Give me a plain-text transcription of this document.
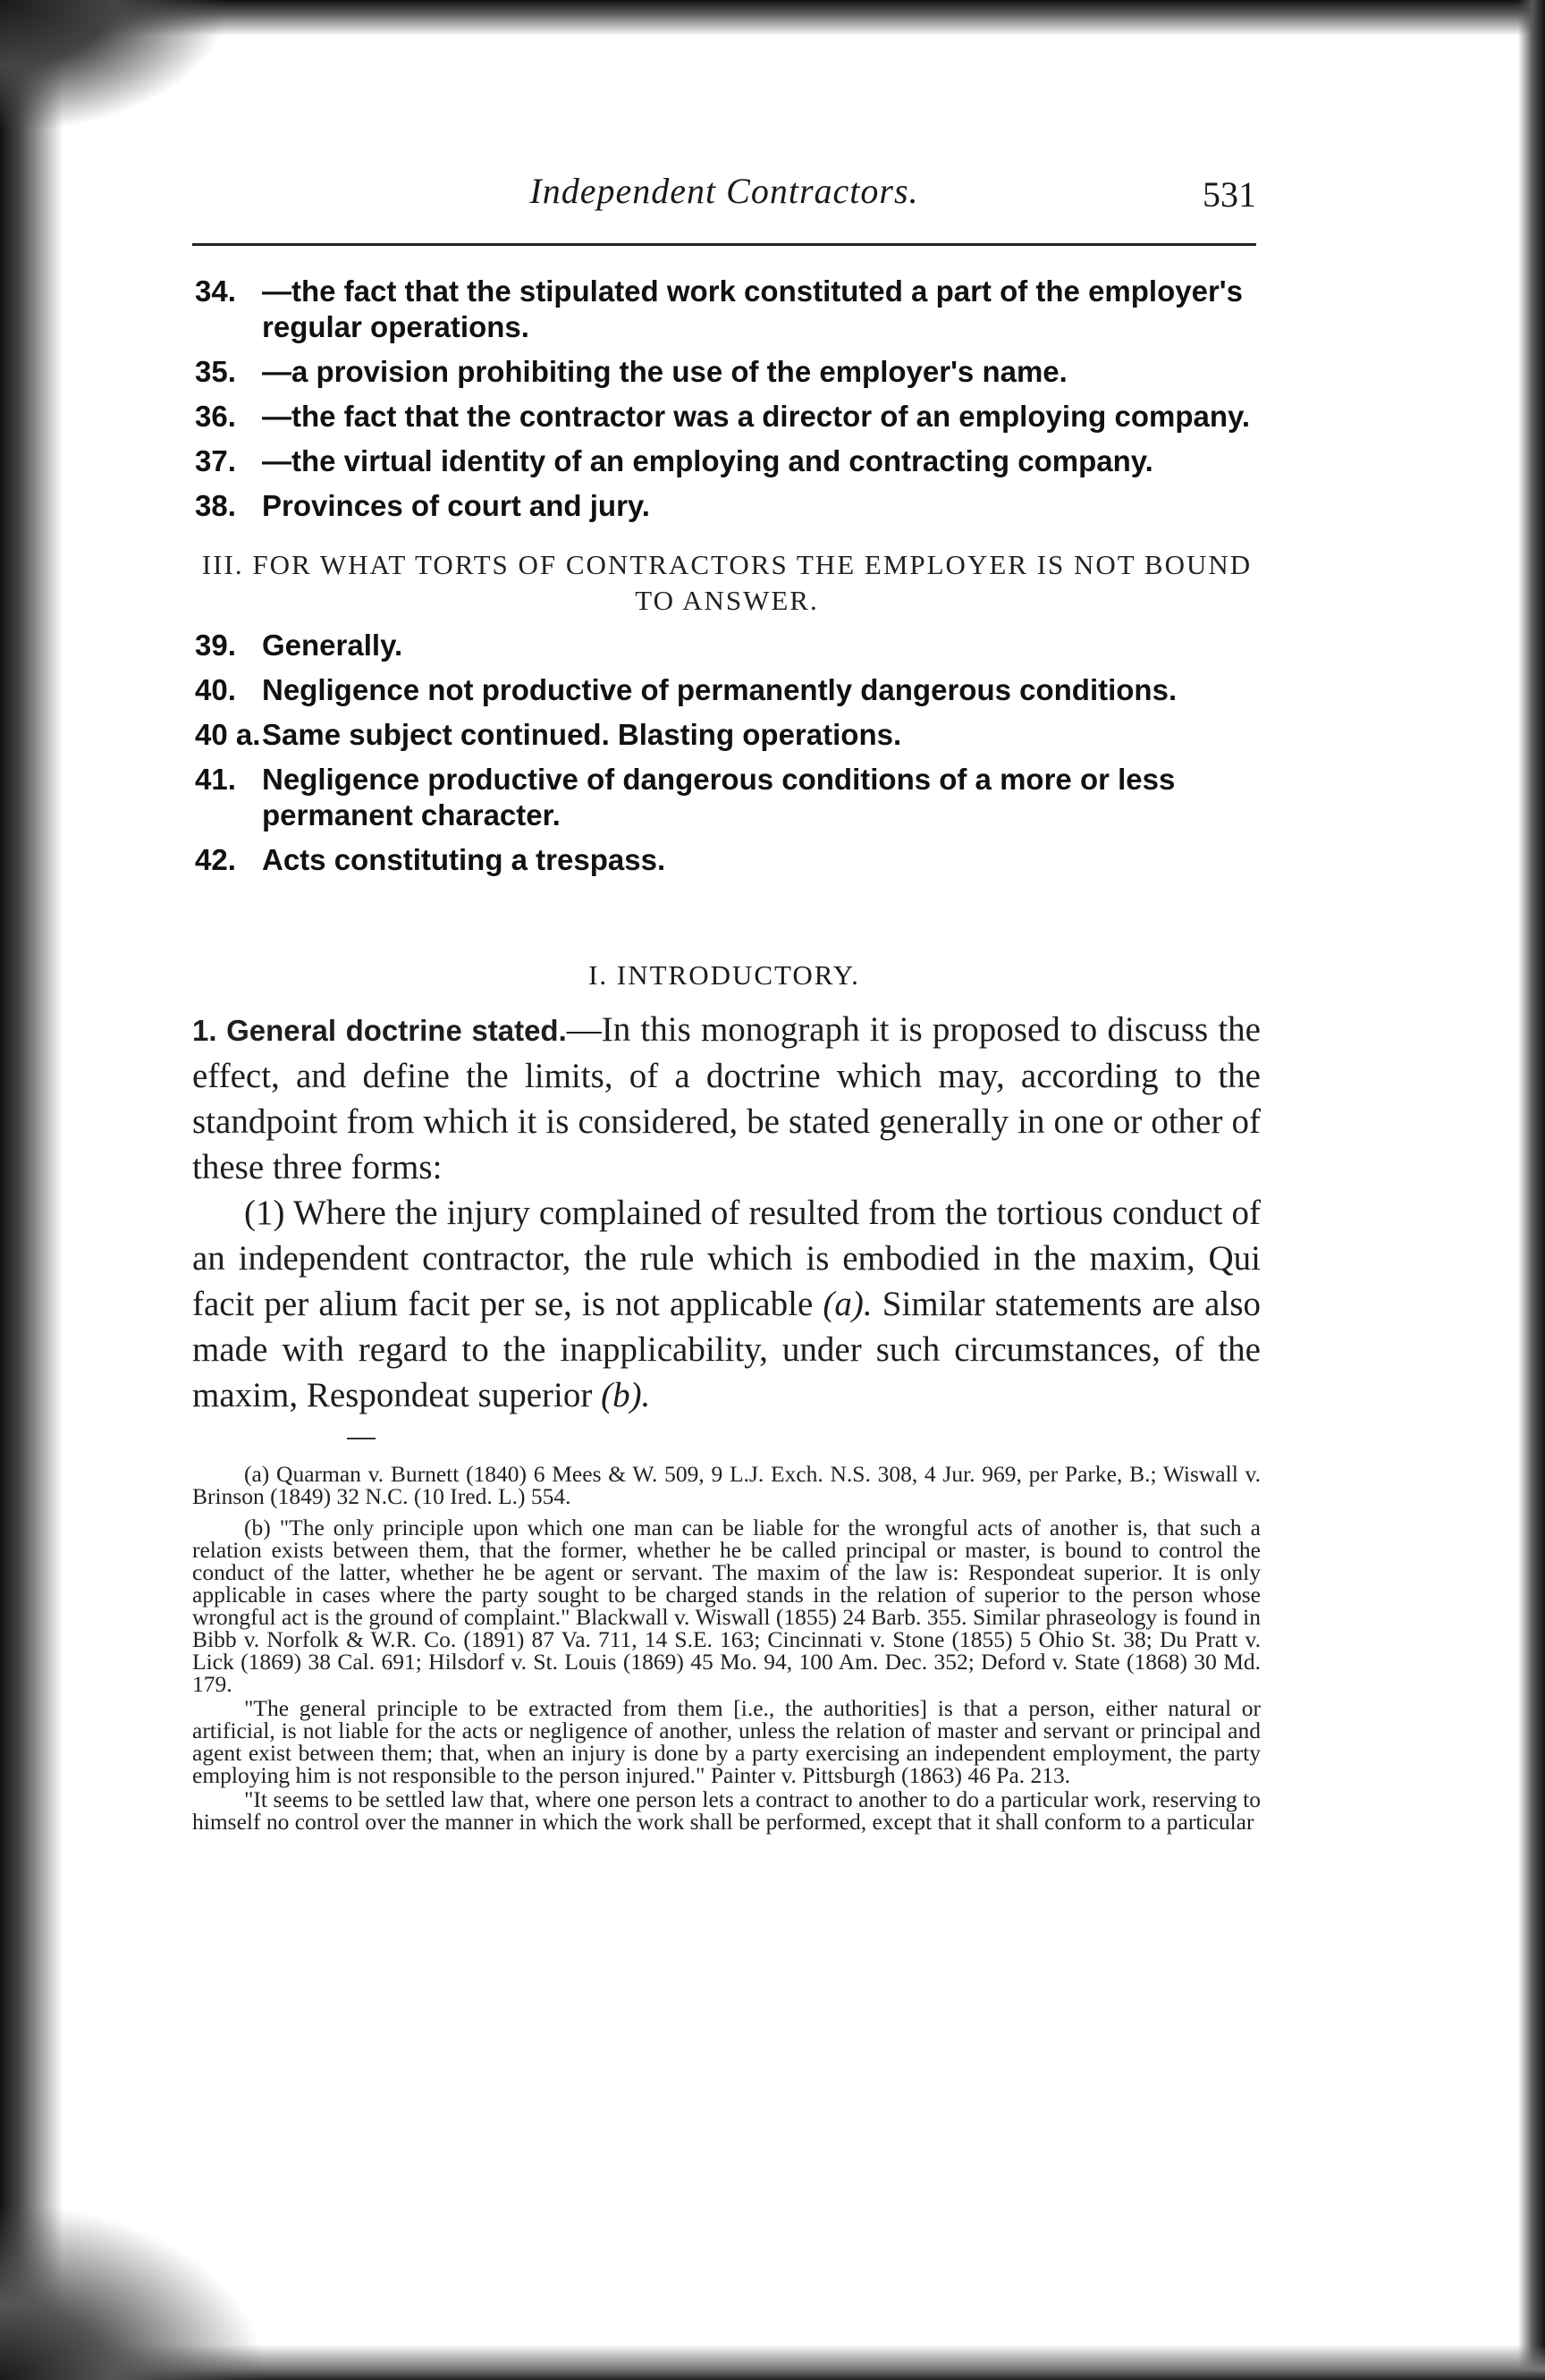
Independent Contractors.	531
34. —the fact that the stipulated work constituted a part of the employer's regular operations.
35. —a provision prohibiting the use of the employer's name.
36. —the fact that the contractor was a director of an employing company.
37. —the virtual identity of an employing and contracting company.
38. Provinces of court and jury.
III. FOR WHAT TORTS OF CONTRACTORS THE EMPLOYER IS NOT BOUND TO ANSWER.
39. Generally.
40. Negligence not productive of permanently dangerous conditions.
40 a. Same subject continued. Blasting operations.
41. Negligence productive of dangerous conditions of a more or less permanent character.
42. Acts constituting a trespass.
I. INTRODUCTORY.

1. General doctrine stated.—In this monograph it is proposed to discuss the effect, and define the limits, of a doctrine which may, according to the standpoint from which it is considered, be stated generally in one or other of these three forms:

(1) Where the injury complained of resulted from the tortious conduct of an independent contractor, the rule which is embodied in the maxim, Qui facit per alium facit per se, is not applicable (a). Similar statements are also made with regard to the inapplicability, under such circumstances, of the maxim, Respondeat superior (b).

(a) Quarman v. Burnett (1840) 6 Mees & W. 509, 9 L.J. Exch. N.S. 308, 4 Jur. 969, per Parke, B.; Wiswall v. Brinson (1849) 32 N.C. (10 Ired. L.) 554.

(b) "The only principle upon which one man can be liable for the wrongful acts of another is, that such a relation exists between them, that the former, whether he be called principal or master, is bound to control the conduct of the latter, whether he be agent or servant. The maxim of the law is: Respondeat superior. It is only applicable in cases where the party sought to be charged stands in the relation of superior to the person whose wrongful act is the ground of complaint." Blackwall v. Wiswall (1855) 24 Barb. 355. Similar phraseology is found in Bibb v. Norfolk & W.R. Co. (1891) 87 Va. 711, 14 S.E. 163; Cincinnati v. Stone (1855) 5 Ohio St. 38; Du Pratt v. Lick (1869) 38 Cal. 691; Hilsdorf v. St. Louis (1869) 45 Mo. 94, 100 Am. Dec. 352; Deford v. State (1868) 30 Md. 179.

"The general principle to be extracted from them [i.e., the authorities] is that a person, either natural or artificial, is not liable for the acts or negligence of another, unless the relation of master and servant or principal and agent exist between them; that, when an injury is done by a party exercising an independent employment, the party employing him is not responsible to the person injured." Painter v. Pittsburgh (1863) 46 Pa. 213.

"It seems to be settled law that, where one person lets a contract to another to do a particular work, reserving to himself no control over the manner in which the work shall be performed, except that it shall conform to a particular
